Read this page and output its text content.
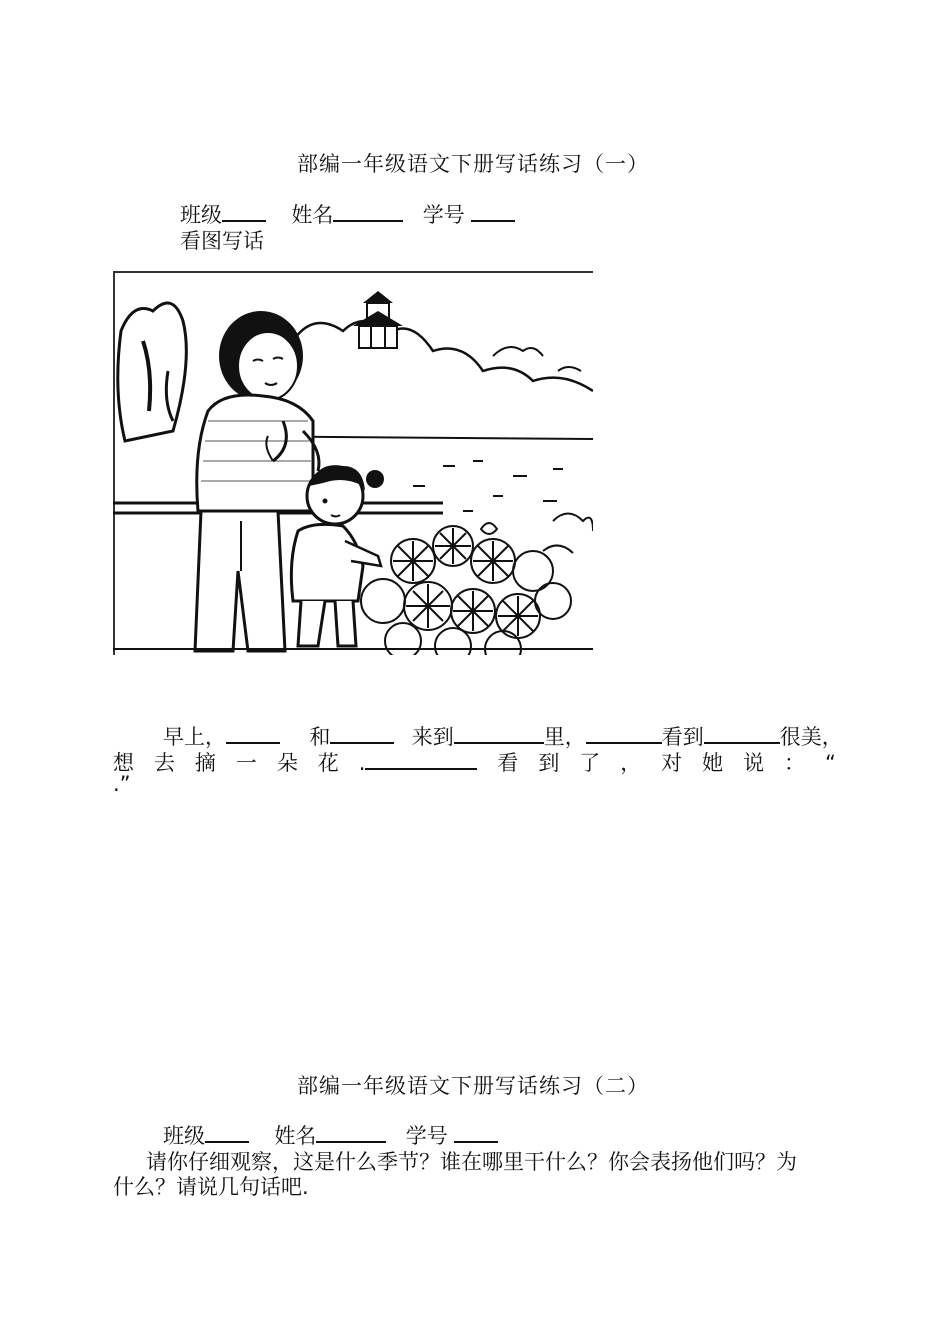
部编一年级语文下册写话练习（一）
班级	姓名	学号
看图写话
早上，	和	来到	里，	看到	很美，
想 去 摘 一 朵 花 .	看 到 了 ， 对 她 说 ： “
.”
部编一年级语文下册写话练习（二）
班级	姓名	学号
请你仔细观察，这是什么季节？谁在哪里干什么？你会表扬他们吗？为
什么？请说几句话吧.
